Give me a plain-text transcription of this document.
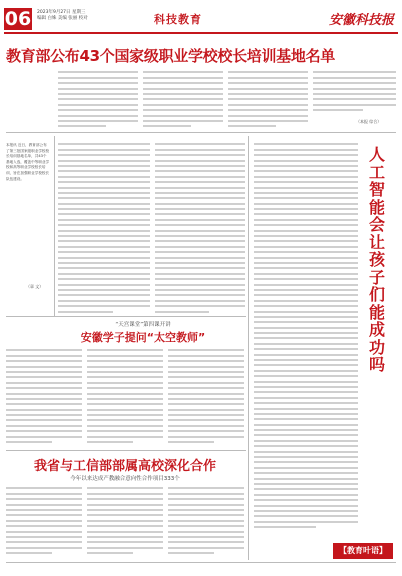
06 2023年9月27日 星期三
编辑 白姝 美编 张丽 校对	科技教育	安徽科技报
教育部公布43个国家级职业学校校长培训基地名单
（本报 综合）
本报讯 近日，教育部公布了第三批国家级职业学校校长培训基地名单，共43个基地入选，覆盖中等职业学校和高等职业学校校长培训，旨在加强职业学校校长队伍建设。
（章 文）
“天宫课堂”第四课开讲
安徽学子提问“太空教师”
我省与工信部部属高校深化合作
今年以来达成产教融合意向性合作项目333个
人工智能会让孩子们能成功吗
【教育叶语】
